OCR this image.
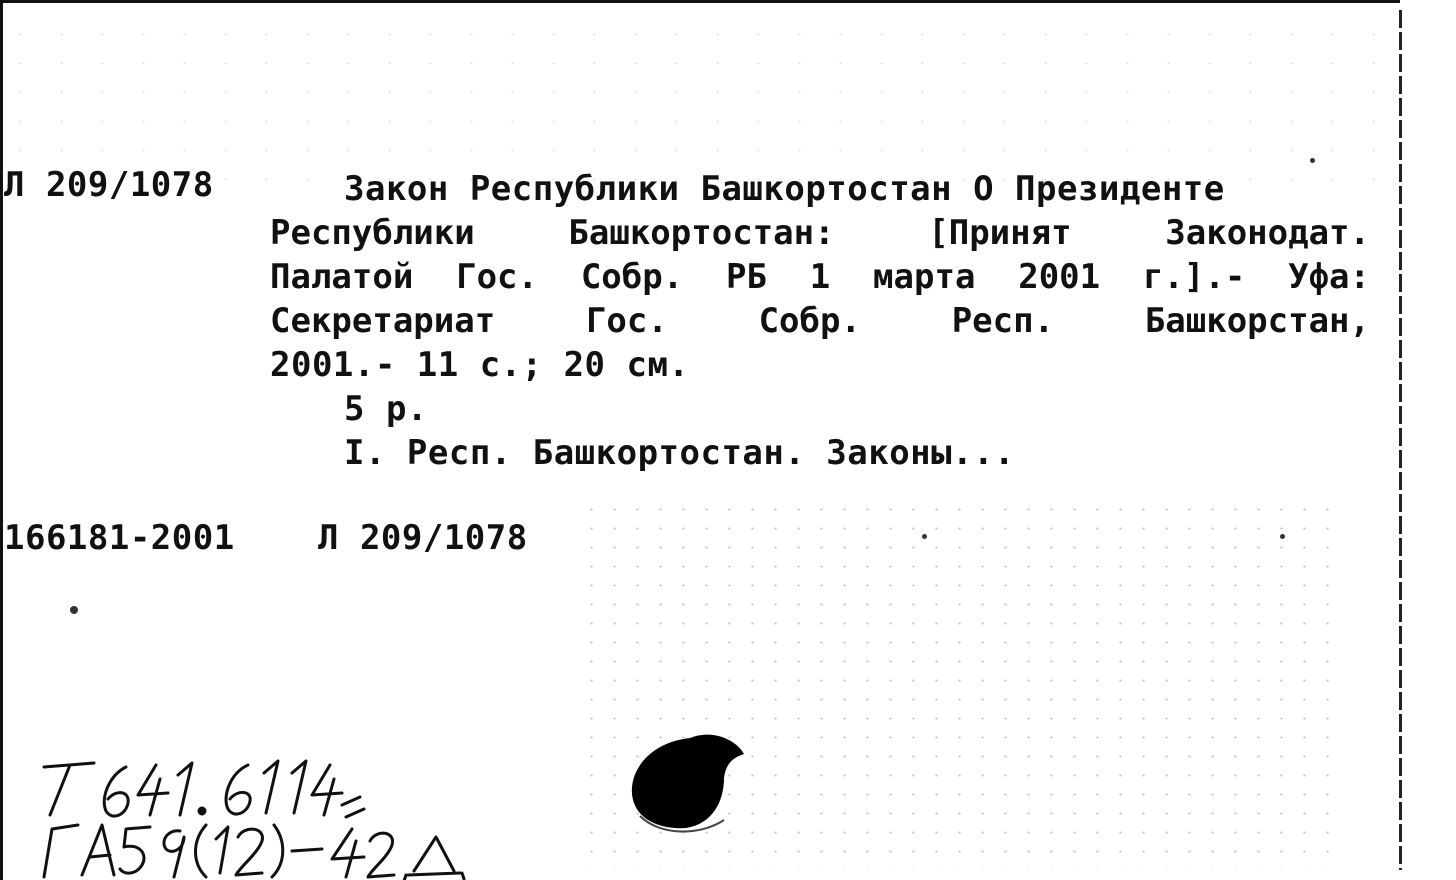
Л 209/1078	Закон Республики Башкортостан О Президенте
Республики Башкортостан: [Принят Законодат.
Палатой Гос. Собр. РБ 1 марта 2001 г.].- Уфа:
Секретариат Гос. Собр. Респ. Башкорстан,
2001.- 11 с.; 20 см.
5 р.
I. Респ. Башкортостан. Законы...
166181-2001 Л 209/1078
